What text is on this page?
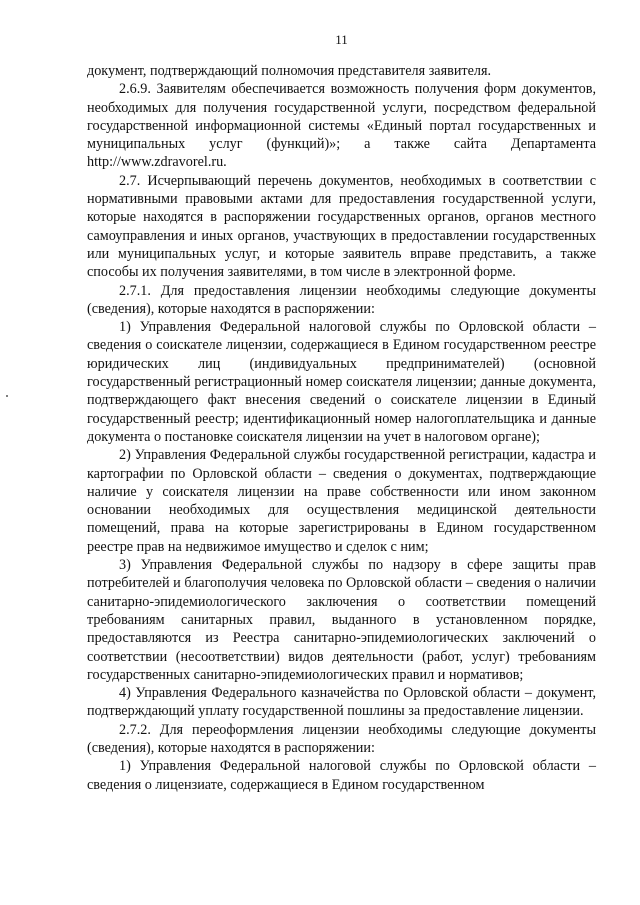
11

документ, подтверждающий полномочия представителя заявителя.

2.6.9. Заявителям обеспечивается возможность получения форм документов, необходимых для получения государственной услуги, посредством федеральной государственной информационной системы «Единый портал государственных и муниципальных услуг (функций)»; а также сайта Департамента http://www.zdravorel.ru.

2.7. Исчерпывающий перечень документов, необходимых в соответствии с нормативными правовыми актами для предоставления государственной услуги, которые находятся в распоряжении государственных органов, органов местного самоуправления и иных органов, участвующих в предоставлении государственных или муниципальных услуг, и которые заявитель вправе представить, а также способы их получения заявителями, в том числе в электронной форме.

2.7.1. Для предоставления лицензии необходимы следующие документы (сведения), которые находятся в распоряжении:

1) Управления Федеральной налоговой службы по Орловской области – сведения о соискателе лицензии, содержащиеся в Едином государственном реестре юридических лиц (индивидуальных предпринимателей) (основной государственный регистрационный номер соискателя лицензии; данные документа, подтверждающего факт внесения сведений о соискателе лицензии в Единый государственный реестр; идентификационный номер налогоплательщика и данные документа о постановке соискателя лицензии на учет в налоговом органе);

2) Управления Федеральной службы государственной регистрации, кадастра и картографии по Орловской области – сведения о документах, подтверждающие наличие у соискателя лицензии на праве собственности или ином законном основании необходимых для осуществления медицинской деятельности помещений, права на которые зарегистрированы в Едином государственном реестре прав на недвижимое имущество и сделок с ним;

3) Управления Федеральной службы по надзору в сфере защиты прав потребителей и благополучия человека по Орловской области – сведения о наличии санитарно-эпидемиологического заключения о соответствии помещений требованиям санитарных правил, выданного в установленном порядке, предоставляются из Реестра санитарно-эпидемиологических заключений о соответствии (несоответствии) видов деятельности (работ, услуг) требованиям государственных санитарно-эпидемиологических правил и нормативов;

4) Управления Федерального казначейства по Орловской области – документ, подтверждающий уплату государственной пошлины за предоставление лицензии.

2.7.2. Для переоформления лицензии необходимы следующие документы (сведения), которые находятся в распоряжении:

1) Управления Федеральной налоговой службы по Орловской области – сведения о лицензиате, содержащиеся в Едином государственном
